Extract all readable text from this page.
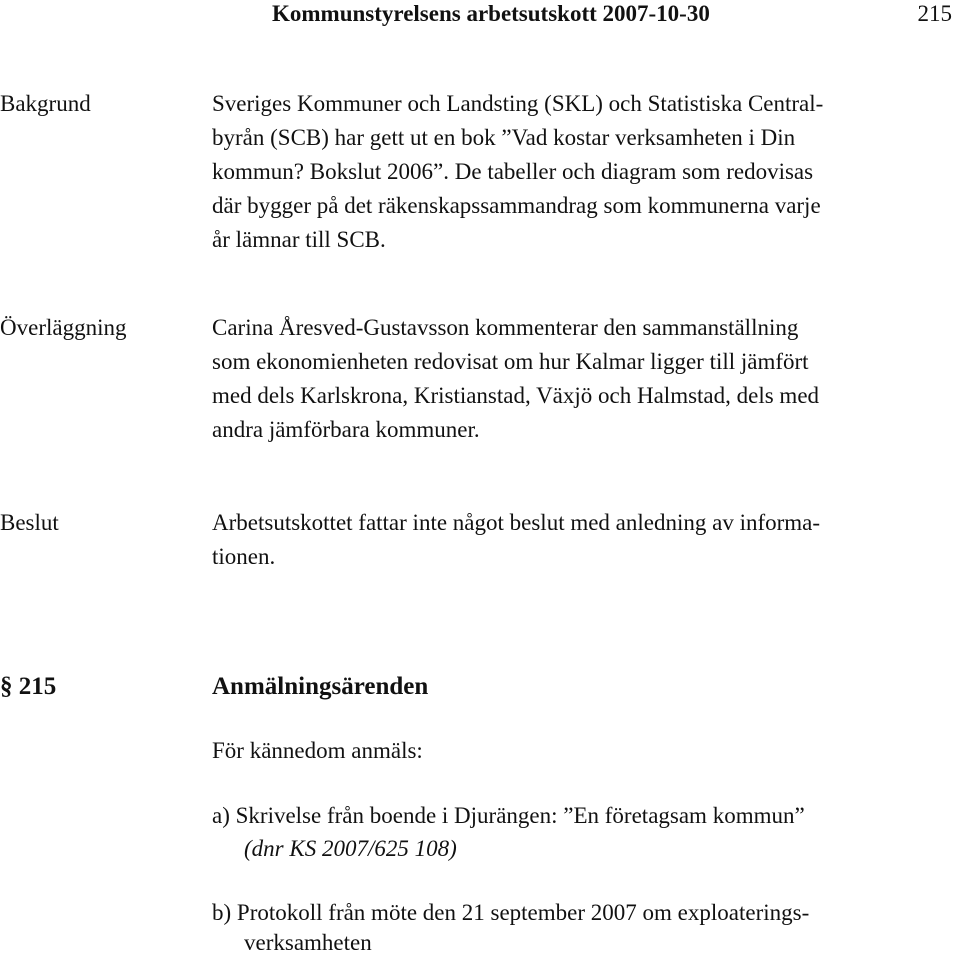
Kommunstyrelsens arbetsutskott 2007-10-30	215
Bakgrund	Sveriges Kommuner och Landsting (SKL) och Statistiska Central-
byrån (SCB) har gett ut en bok ”Vad kostar verksamheten i Din
kommun? Bokslut 2006”. De tabeller och diagram som redovisas
där bygger på det räkenskapssammandrag som kommunerna varje
år lämnar till SCB.
Överläggning	Carina Åresved-Gustavsson kommenterar den sammanställning
som ekonomienheten redovisat om hur Kalmar ligger till jämfört
med dels Karlskrona, Kristianstad, Växjö och Halmstad, dels med
andra jämförbara kommuner.
Beslut	Arbetsutskottet fattar inte något beslut med anledning av informa-
tionen.
§ 215	Anmälningsärenden
För kännedom anmäls:
a) Skrivelse från boende i Djurängen: ”En företagsam kommun”
(dnr KS 2007/625 108)
b) Protokoll från möte den 21 september 2007 om exploaterings-
verksamheten
